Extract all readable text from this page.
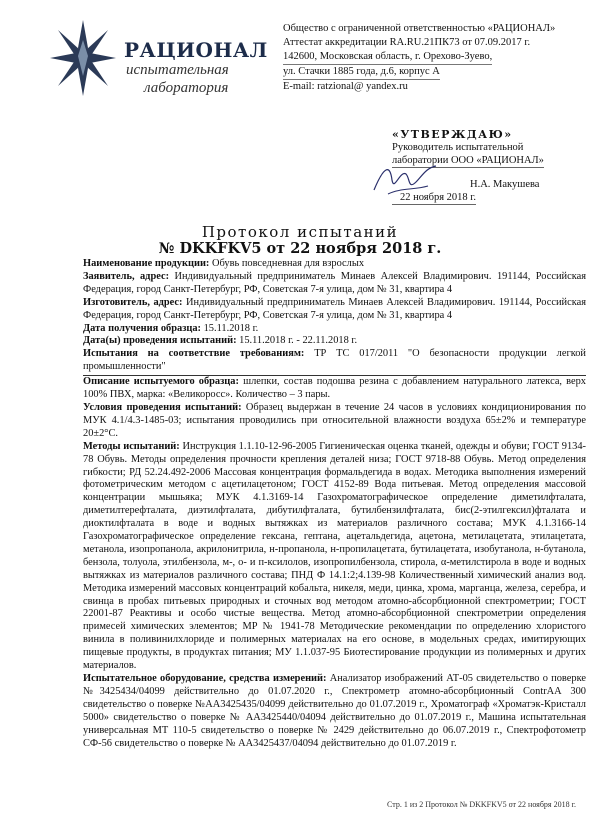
РАЦИОНАЛ
испытательная
лаборатория
Общество с ограниченной ответственностью «РАЦИОНАЛ»
Аттестат аккредитации RA.RU.21ПК73 от 07.09.2017 г.
142600, Московская область, г. Орехово-Зуево,
ул. Стачки 1885 года, д.6, корпус А
E-mail: ratzional@ yandex.ru
«УТВЕРЖДАЮ»
Руководитель испытательной
лаборатории ООО «РАЦИОНАЛ»
Н.А. Макушева
22 ноября 2018 г.
Протокол испытаний
№ DKKFKV5 от 22 ноября 2018 г.

Наименование продукции: Обувь повседневная для взрослых

Заявитель, адрес: Индивидуальный предприниматель Минаев Алексей Владимирович. 191144, Российская Федерация, город Санкт-Петербург, РФ, Советская 7-я улица, дом № 31, квартира 4

Изготовитель, адрес: Индивидуальный предприниматель Минаев Алексей Владимирович. 191144, Российская Федерация, город Санкт-Петербург, РФ, Советская 7-я улица, дом № 31, квартира 4

Дата получения образца: 15.11.2018 г.

Дата(ы) проведения испытаний: 15.11.2018 г. - 22.11.2018 г.

Испытания на соответствие требованиям: ТР ТС 017/2011 "О безопасности продукции легкой промышленности"

Описание испытуемого образца: шлепки, состав подошва резина с добавлением натурального латекса, верх 100% ПВХ, марка: «Великоросс». Количество – 3 пары.

Условия проведения испытаний: Образец выдержан в течение 24 часов в условиях кондиционирования по МУК 4.1/4.3-1485-03; испытания проводились при относительной влажности воздуха 65±2% и температуре 20±2°С.

Методы испытаний: Инструкция 1.1.10-12-96-2005 Гигиеническая оценка тканей, одежды и обуви; ГОСТ 9134-78 Обувь. Методы определения прочности крепления деталей низа; ГОСТ 9718-88 Обувь. Метод определения гибкости; РД 52.24.492-2006 Массовая концентрация формальдегида в водах. Методика выполнения измерений фотометрическим методом с ацетилацетоном; ГОСТ 4152-89 Вода питьевая. Метод определения массовой концентрации мышьяка; МУК 4.1.3169-14 Газохроматографическое определение диметилфталата, диметилтерефталата, диэтилфталата, дибутилфталата, бутилбензилфталата, бис(2-этилгексил)фталата и диоктилфталата в воде и водных вытяжках из материалов различного состава; МУК 4.1.3166-14 Газохроматографическое определение гексана, гептана, ацетальдегида, ацетона, метилацетата, этилацетата, метанола, изопропанола, акрилонитрила, н-пропанола, н-пропилацетата, бутилацетата, изобутанола, н-бутанола, бензола, толуола, этилбензола, м-, о- и п-ксилолов, изопропилбензола, стирола, α-метилстирола в воде и водных вытяжках из материалов различного состава; ПНД Ф 14.1:2;4.139-98 Количественный химический анализ вод. Методика измерений массовых концентраций кобальта, никеля, меди, цинка, хрома, марганца, железа, серебра, и свинца в пробах питьевых природных и сточных вод методом атомно-абсорбционной спектрометрии; ГОСТ 22001-87 Реактивы и особо чистые вещества. Метод атомно-абсорбционной спектрометрии определения примесей химических элементов; МР № 1941-78 Методические рекомендации по определению хлористого винила в поливинилхлориде и полимерных материалах на его основе, в модельных средах, имитирующих пищевые продукты, в продуктах питания; МУ 1.1.037-95 Биотестирование продукции из полимерных и других материалов.

Испытательное оборудование, средства измерений: Анализатор изображений АТ-05 свидетельство о поверке №3425434/04099 действительно до 01.07.2020 г., Спектрометр атомно-абсорбционный ContrAA 300 свидетельство о поверке №АА3425435/04099 действительно до 01.07.2019 г., Хроматограф «Хроматэк-Кристалл 5000» свидетельство о поверке № АА3425440/04094 действительно до 01.07.2019 г., Машина испытательная универсальная МТ 110-5 свидетельство о поверке № 2429 действительно до 06.07.2019 г., Спектрофотометр СФ-56 свидетельство о поверке № АА3425437/04094 действительно до 01.07.2019 г.

Стр. 1 из 2 Протокол № DKKFKV5 от 22 ноября 2018 г.
